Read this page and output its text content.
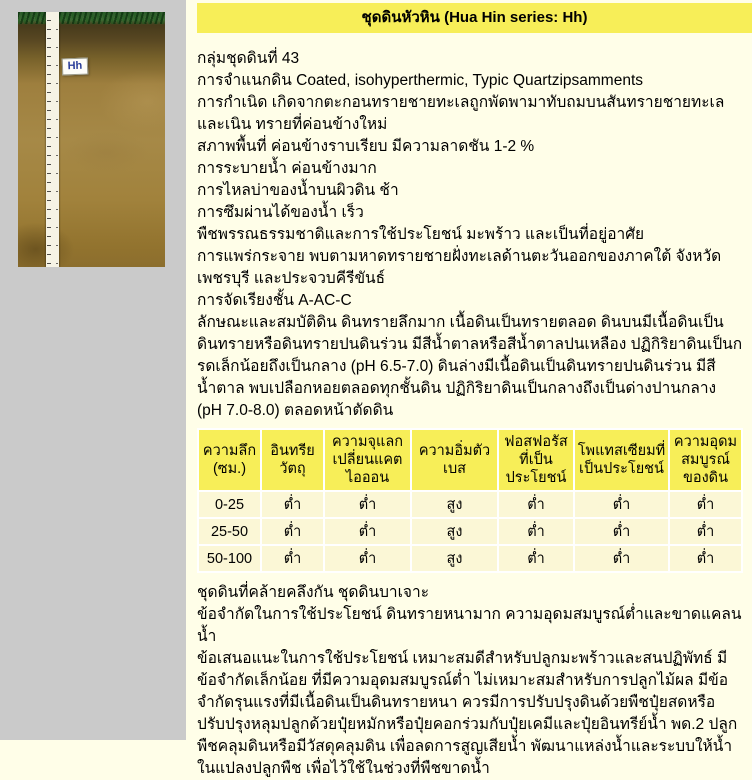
Hh
ชุดดินหัวหิน (Hua Hin series: Hh)
กลุ่มชุดดินที่ 43
การจำแนกดิน Coated, isohyperthermic, Typic Quartzipsamments
การกำเนิด เกิดจากตะกอนทรายชายทะเลถูกพัดพามาทับถมบนสันทรายชายทะเลและเนิน ทรายที่ค่อนข้างใหม่
สภาพพื้นที่ ค่อนข้างราบเรียบ มีความลาดชัน 1-2 %
การระบายน้ำ ค่อนข้างมาก
การไหลบ่าของน้ำบนผิวดิน ช้า
การซึมผ่านได้ของน้ำ เร็ว
พืชพรรณธรรมชาติและการใช้ประโยชน์ มะพร้าว และเป็นที่อยู่อาศัย
การแพร่กระจาย พบตามหาดทรายชายฝั่งทะเลด้านตะวันออกของภาคใต้ จังหวัดเพชรบุรี และประจวบคีรีขันธ์
การจัดเรียงชั้น A-AC-C
ลักษณะและสมบัติดิน ดินทรายลึกมาก เนื้อดินเป็นทรายตลอด ดินบนมีเนื้อดินเป็นดินทรายหรือดินทรายปนดินร่วน มีสีน้ำตาลหรือสีน้ำตาลปนเหลือง ปฏิกิริยาดินเป็นกรดเล็กน้อยถึงเป็นกลาง (pH 6.5-7.0) ดินล่างมีเนื้อดินเป็นดินทรายปนดินร่วน มีสีน้ำตาล พบเปลือกหอยตลอดทุกชั้นดิน ปฏิกิริยาดินเป็นกลางถึงเป็นด่างปานกลาง (pH 7.0-8.0) ตลอดหน้าตัดดิน
ความลึก (ซม.)	อินทรียวัตถุ	ความจุแลกเปลี่ยนแคตไอออน	ความอิ่มตัวเบส	ฟอสฟอรัสที่เป็นประโยชน์	โพแทสเซียมที่เป็นประโยชน์	ความอุดมสมบูรณ์ของดิน
0-25	ต่ำ	ต่ำ	สูง	ต่ำ	ต่ำ	ต่ำ
25-50	ต่ำ	ต่ำ	สูง	ต่ำ	ต่ำ	ต่ำ
50-100	ต่ำ	ต่ำ	สูง	ต่ำ	ต่ำ	ต่ำ
ชุดดินที่คล้ายคลึงกัน ชุดดินบาเจาะ
ข้อจำกัดในการใช้ประโยชน์ ดินทรายหนามาก ความอุดมสมบูรณ์ต่ำและขาดแคลนน้ำ
ข้อเสนอแนะในการใช้ประโยชน์ เหมาะสมดีสำหรับปลูกมะพร้าวและสนปฏิพัทธ์ มีข้อจำกัดเล็กน้อย ที่มีความอุดมสมบูรณ์ต่ำ ไม่เหมาะสมสำหรับการปลูกไม้ผล มีข้อจำกัดรุนแรงที่มีเนื้อดินเป็นดินทรายหนา ควรมีการปรับปรุงดินด้วยพืชปุ๋ยสดหรือปรับปรุงหลุมปลูกด้วยปุ๋ยหมักหรือปุ๋ยคอกร่วมกับปุ๋ยเคมีและปุ๋ยอินทรีย์น้ำ พด.2 ปลูกพืชคลุมดินหรือมีวัสดุคลุมดิน เพื่อลดการสูญเสียน้ำ พัฒนาแหล่งน้ำและระบบให้น้ำในแปลงปลูกพืช เพื่อไว้ใช้ในช่วงที่พืชขาดน้ำ
